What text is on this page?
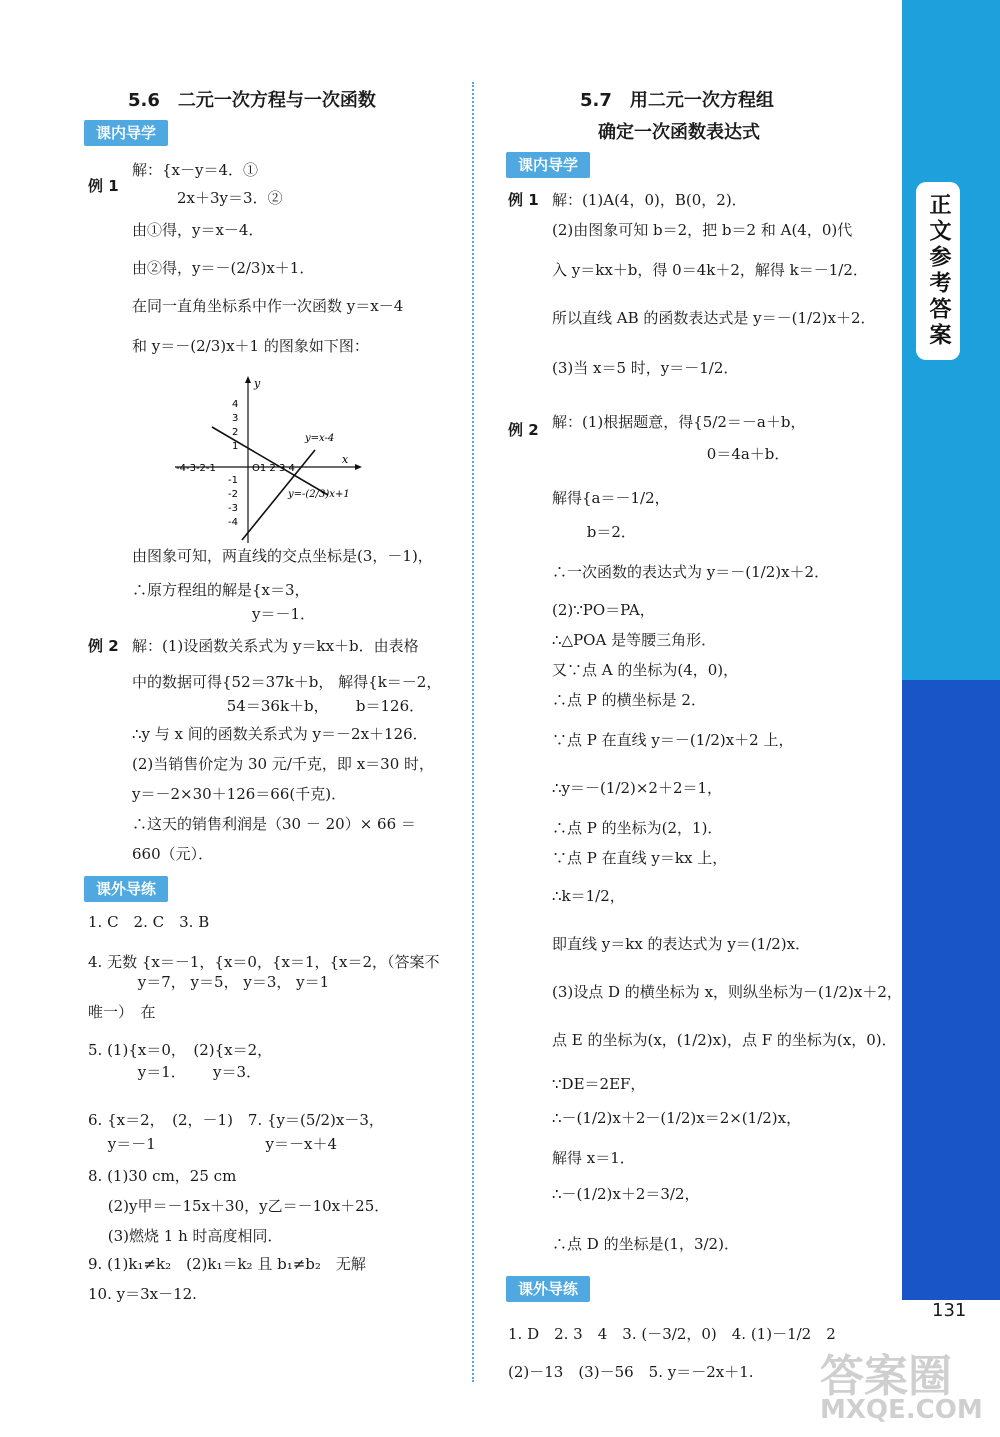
正文参考答案
5.6　二元一次方程与一次函数
课内导学
例 1
解：{x－y＝4．①
　　　2x＋3y＝3．②
由①得，y＝x－4．
由②得，y＝－(2/3)x＋1．
在同一直角坐标系中作一次函数 y＝x－4
和 y＝－(2/3)x＋1 的图象如下图：
y
x
4
3
2
1
-4-3-2-1	O1 2 3 4
-1
-2
-3
-4
y=x-4
y=-(2/3)x+1
由图象可知，两直线的交点坐标是(3，－1)，
∴原方程组的解是{x＝3，
　　　　　　　　y＝－1．
例 2 解：(1)设函数关系式为 y＝kx＋b．由表格
中的数据可得{52＝37k＋b， 解得{k＝－2，
　　　　　　 54＝36k＋b，　　 b＝126．
∴y 与 x 间的函数关系式为 y＝－2x＋126．
(2)当销售价定为 30 元/千克，即 x＝30 时，
y＝－2×30＋126＝66(千克)．
∴这天的销售利润是（30 － 20）× 66 ＝
660（元）．
课外导练
1. C　2. C　3. B
4. 无数 {x＝－1，{x＝0，{x＝1，{x＝2，（答案不
　　　 y＝7， y＝5， y＝3， y＝1
唯一）　在
5. (1){x＝0，　(2){x＝2，
　　　 y＝1．　　 y＝3．
6. {x＝2，　(2，－1)　7. {y＝(5/2)x－3，
　 y＝－1　　　　　　　 y＝－x＋4
8. (1)30 cm，25 cm
　 (2)y甲＝－15x＋30，y乙＝－10x＋25．
　 (3)燃烧 1 h 时高度相同．
9. (1)k₁≠k₂　(2)k₁＝k₂ 且 b₁≠b₂　无解
10. y＝3x－12.
5.7　用二元一次方程组
确定一次函数表达式
课内导学
例 1 解：(1)A(4，0)，B(0，2)．
(2)由图象可知 b＝2，把 b＝2 和 A(4，0)代
入 y＝kx＋b，得 0＝4k＋2，解得 k＝－1/2．
所以直线 AB 的函数表达式是 y＝－(1/2)x＋2．
(3)当 x＝5 时，y＝－1/2．
例 2 解：(1)根据题意，得{5/2＝－a＋b，
　　　　　　　　　　 0＝4a＋b．
解得{a＝－1/2，
　　 b＝2．
∴一次函数的表达式为 y＝－(1/2)x＋2．
(2)∵PO＝PA，
∴△POA 是等腰三角形．
又∵点 A 的坐标为(4，0)，
∴点 P 的横坐标是 2．
∵点 P 在直线 y＝－(1/2)x＋2 上，
∴y＝－(1/2)×2＋2＝1，
∴点 P 的坐标为(2，1)．
∵点 P 在直线 y＝kx 上，
∴k＝1/2，
即直线 y＝kx 的表达式为 y＝(1/2)x．
(3)设点 D 的横坐标为 x，则纵坐标为－(1/2)x＋2，
点 E 的坐标为(x，(1/2)x)，点 F 的坐标为(x，0)．
∵DE＝2EF，
∴－(1/2)x＋2－(1/2)x＝2×(1/2)x，
解得 x＝1．
∴－(1/2)x＋2＝3/2，
∴点 D 的坐标是(1，3/2)．
课外导练
1. D　2. 3　4　3. (－3/2，0)　4. (1)－1/2　2
(2)－13　(3)－56　5. y＝－2x＋1.
131
答案圈
MXQE.COM
